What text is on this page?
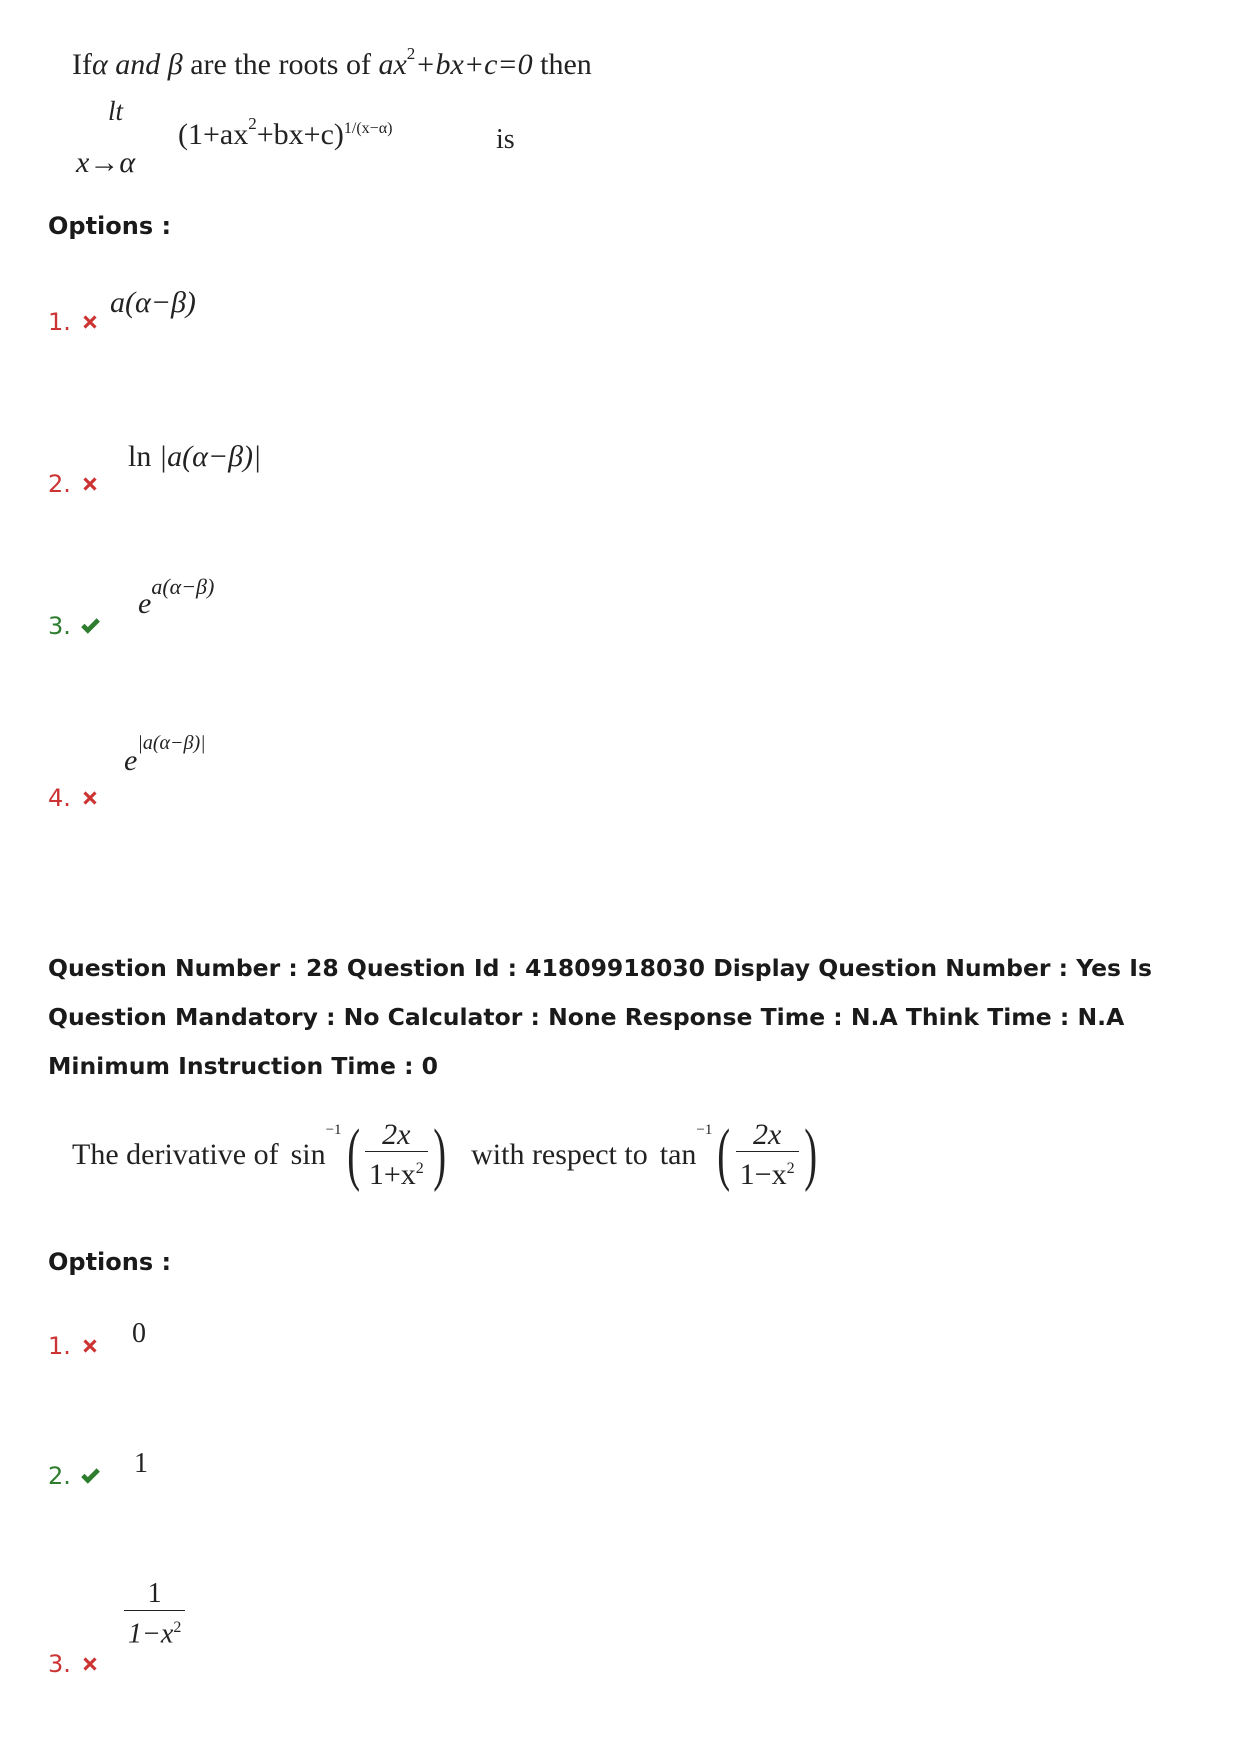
Ifα and β are the roots of $ax^2+bx+c=0$ then
lt
$(1+ax^2+bx+c)^{1/(x-\alpha)}$	is
x→α
Options :
1.
a(α−β)
2.
ln |a(α−β)|
3.
$e^{a(\alpha-\beta)}$
4.
$e^{|a(\alpha-\beta)|}$
Question Number : 28 Question Id : 41809918030 Display Question Number : Yes Is Question Mandatory : No Calculator : None Response Time : N.A Think Time : N.A Minimum Instruction Time : 0
The derivative of sin
$^{-1}$ ( $\frac{2x}{1+x^2}$ ) with respect to tan
$^{-1}$ ( $\frac{2x}{1-x^2}$ )
Options :
1. 0
2. 1
3.
$\frac{1}{1-x^2}$
